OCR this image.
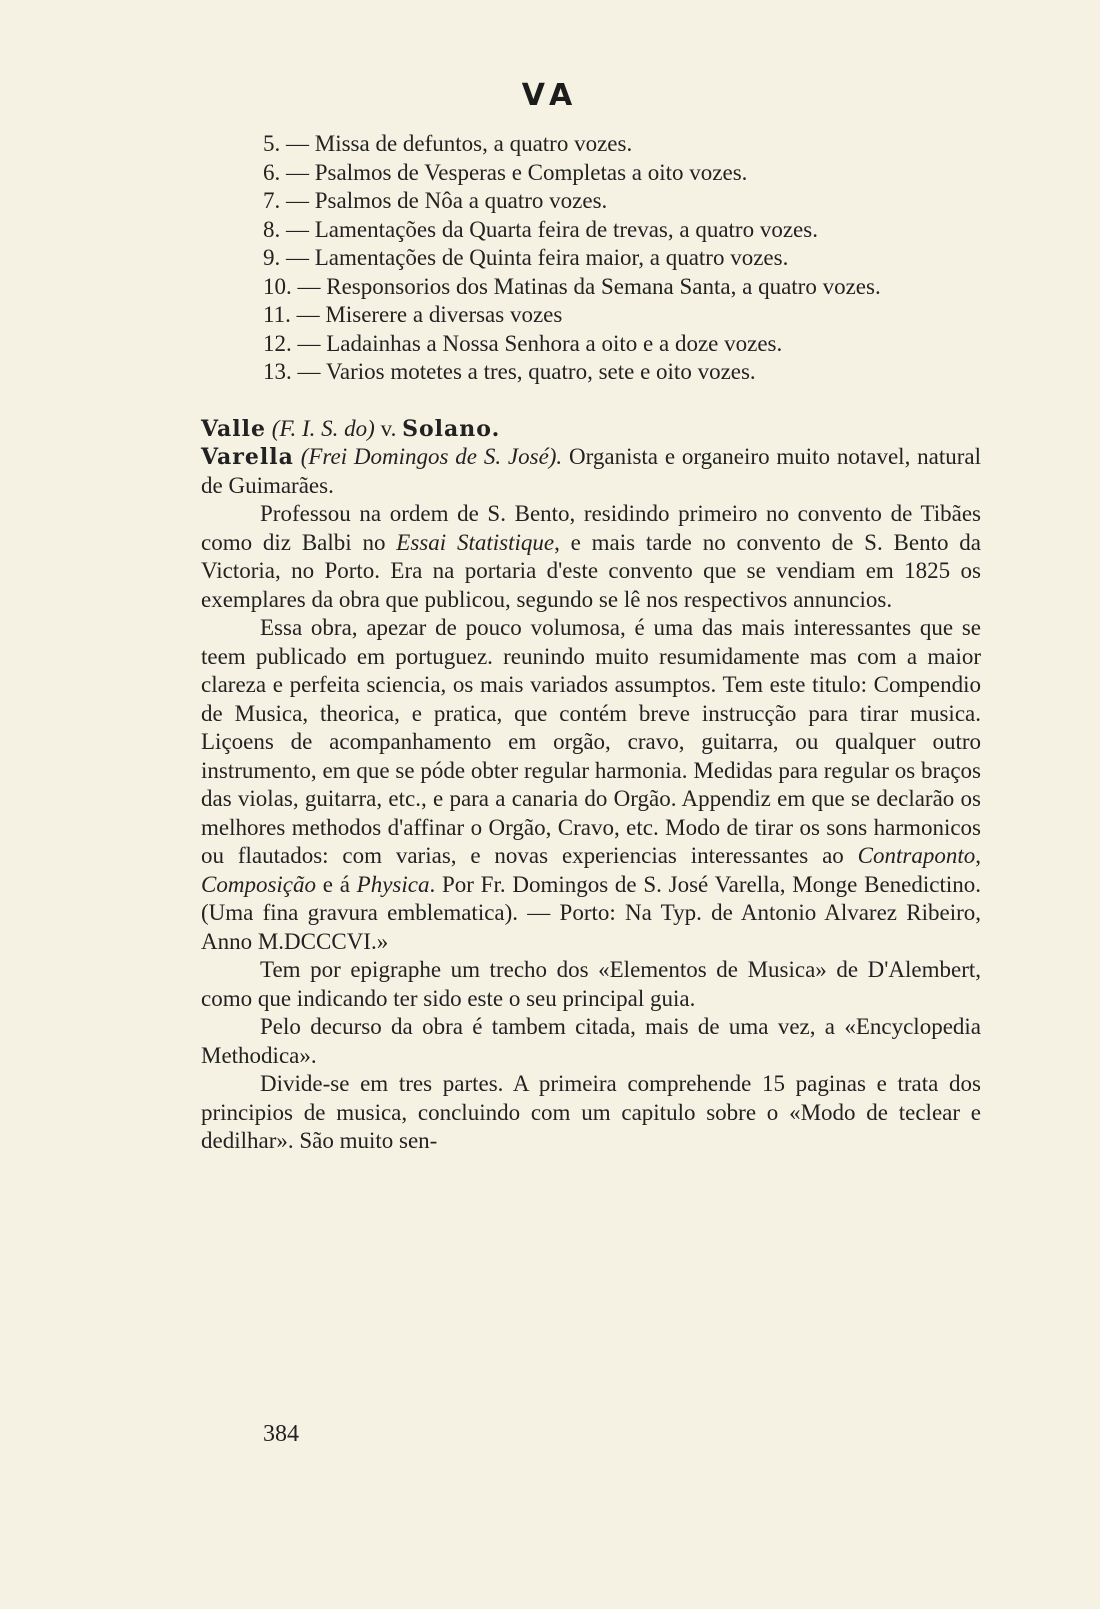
VA

5. — Missa de defuntos, a quatro vozes.

6. — Psalmos de Vesperas e Completas a oito vozes.

7. — Psalmos de Nôa a quatro vozes.

8. — Lamentações da Quarta feira de trevas, a quatro vozes.

9. — Lamentações de Quinta feira maior, a quatro vozes.

10. — Responsorios dos Matinas da Semana Santa, a quatro vozes.

11. — Miserere a diversas vozes

12. — Ladainhas a Nossa Senhora a oito e a doze vozes.

13. — Varios motetes a tres, quatro, sete e oito vozes.

Valle (F. I. S. do) v. Solano.

Varella (Frei Domingos de S. José). Organista e organeiro muito notavel, natural de Guimarães.

Professou na ordem de S. Bento, residindo primeiro no convento de Tibães como diz Balbi no Essai Statistique, e mais tarde no convento de S. Bento da Victoria, no Porto. Era na portaria d'este convento que se vendiam em 1825 os exemplares da obra que publicou, segundo se lê nos respectivos annuncios.

Essa obra, apezar de pouco volumosa, é uma das mais interessantes que se teem publicado em portuguez. reunindo muito resumidamente mas com a maior clareza e perfeita sciencia, os mais variados assumptos. Tem este titulo: Compendio de Musica, theorica, e pratica, que contém breve instrucção para tirar musica. Liçoens de acompanhamento em orgão, cravo, guitarra, ou qualquer outro instrumento, em que se póde obter regular harmonia. Medidas para regular os braços das violas, guitarra, etc., e para a canaria do Orgão. Appendiz em que se declarão os melhores methodos d'affinar o Orgão, Cravo, etc. Modo de tirar os sons harmonicos ou flautados: com varias, e novas experiencias interessantes ao Contraponto, Composição e á Physica. Por Fr. Domingos de S. José Varella, Monge Benedictino. (Uma fina gravura emblematica). — Porto: Na Typ. de Antonio Alvarez Ribeiro, Anno M.DCCCVI.»

Tem por epigraphe um trecho dos «Elementos de Musica» de D'Alembert, como que indicando ter sido este o seu principal guia.

Pelo decurso da obra é tambem citada, mais de uma vez, a «Encyclopedia Methodica».

Divide-se em tres partes. A primeira comprehende 15 paginas e trata dos principios de musica, concluindo com um capitulo sobre o «Modo de teclear e dedilhar». São muito sen-

384
